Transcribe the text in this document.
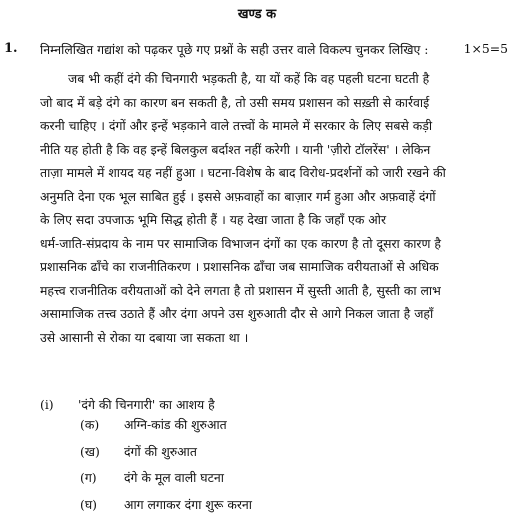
खण्ड क
1. निम्नलिखित गद्यांश को पढ़कर पूछे गए प्रश्नों के सही उत्तर वाले विकल्प चुनकर लिखिए :	1×5=5
जब भी कहीं दंगे की चिनगारी भड़कती है, या यों कहें कि वह पहली घटना घटती है
जो बाद में बड़े दंगे का कारण बन सकती है, तो उसी समय प्रशासन को सख़्ती से कार्रवाई
करनी चाहिए । दंगों और इन्हें भड़काने वाले तत्त्वों के मामले में सरकार के लिए सबसे कड़ी
नीति यह होती है कि वह इन्हें बिलकुल बर्दाश्त नहीं करेगी । यानी 'ज़ीरो टॉलरेंस' । लेकिन
ताज़ा मामले में शायद यह नहीं हुआ । घटना-विशेष के बाद विरोध-प्रदर्शनों को जारी रखने की
अनुमति देना एक भूल साबित हुई । इससे अफ़वाहों का बाज़ार गर्म हुआ और अफ़वाहें दंगों
के लिए सदा उपजाऊ भूमि सिद्ध होती हैं । यह देखा जाता है कि जहाँ एक ओर
धर्म-जाति-संप्रदाय के नाम पर सामाजिक विभाजन दंगों का एक कारण है तो दूसरा कारण है
प्रशासनिक ढाँचे का राजनीतिकरण । प्रशासनिक ढाँचा जब सामाजिक वरीयताओं से अधिक
महत्त्व राजनीतिक वरीयताओं को देने लगता है तो प्रशासन में सुस्ती आती है, सुस्ती का लाभ
असामाजिक तत्त्व उठाते हैं और दंगा अपने उस शुरुआती दौर से आगे निकल जाता है जहाँ
उसे आसानी से रोका या दबाया जा सकता था ।
(i) 'दंगे की चिनगारी' का आशय है
(क) अग्नि-कांड की शुरुआत
(ख) दंगों की शुरुआत
(ग) दंगे के मूल वाली घटना
(घ) आग लगाकर दंगा शुरू करना
